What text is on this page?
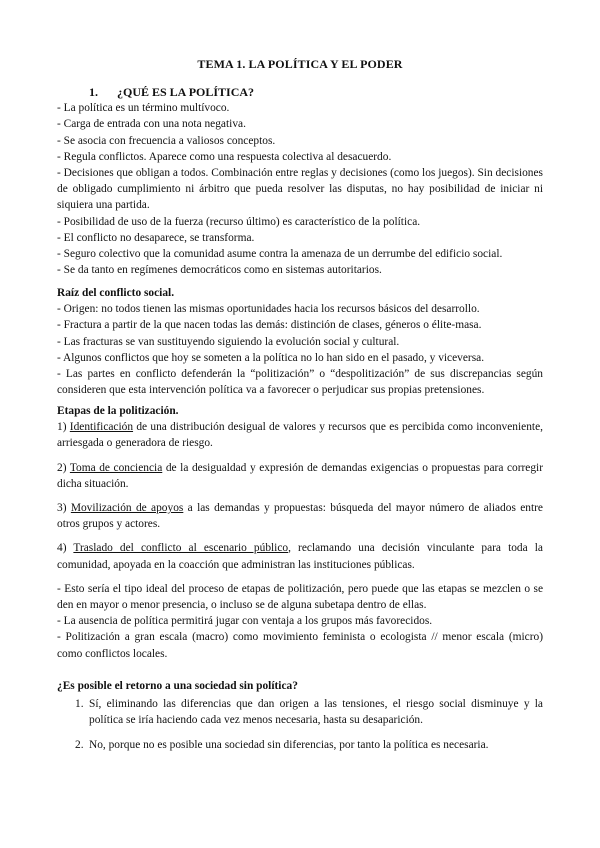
TEMA 1. LA POLÍTICA Y EL PODER
1. ¿QUÉ ES LA POLÍTICA?

- La política es un término multívoco.

- Carga de entrada con una nota negativa.

- Se asocia con frecuencia a valiosos conceptos.

- Regula conflictos. Aparece como una respuesta colectiva al desacuerdo.

- Decisiones que obligan a todos. Combinación entre reglas y decisiones (como los juegos). Sin decisiones de obligado cumplimiento ni árbitro que pueda resolver las disputas, no hay posibilidad de iniciar ni siquiera una partida.

- Posibilidad de uso de la fuerza (recurso último) es característico de la política.

- El conflicto no desaparece, se transforma.

- Seguro colectivo que la comunidad asume contra la amenaza de un derrumbe del edificio social.

- Se da tanto en regímenes democráticos como en sistemas autoritarios.

Raíz del conflicto social.

- Origen: no todos tienen las mismas oportunidades hacia los recursos básicos del desarrollo.

- Fractura a partir de la que nacen todas las demás: distinción de clases, géneros o élite-masa.

- Las fracturas se van sustituyendo siguiendo la evolución social y cultural.

- Algunos conflictos que hoy se someten a la política no lo han sido en el pasado, y viceversa.

- Las partes en conflicto defenderán la “politización” o “despolitización” de sus discrepancias según consideren que esta intervención política va a favorecer o perjudicar sus propias pretensiones.

Etapas de la politización.

1) Identificación de una distribución desigual de valores y recursos que es percibida como inconveniente, arriesgada o generadora de riesgo.

2) Toma de conciencia de la desigualdad y expresión de demandas exigencias o propuestas para corregir dicha situación.

3) Movilización de apoyos a las demandas y propuestas: búsqueda del mayor número de aliados entre otros grupos y actores.

4) Traslado del conflicto al escenario público, reclamando una decisión vinculante para toda la comunidad, apoyada en la coacción que administran las instituciones públicas.

- Esto sería el tipo ideal del proceso de etapas de politización, pero puede que las etapas se mezclen o se den en mayor o menor presencia, o incluso se de alguna subetapa dentro de ellas.

- La ausencia de política permitirá jugar con ventaja a los grupos más favorecidos.

- Politización a gran escala (macro) como movimiento feminista o ecologista // menor escala (micro) como conflictos locales.

¿Es posible el retorno a una sociedad sin política?

1. Sí, eliminando las diferencias que dan origen a las tensiones, el riesgo social disminuye y la política se iría haciendo cada vez menos necesaria, hasta su desaparición.
2. No, porque no es posible una sociedad sin diferencias, por tanto la política es necesaria.
